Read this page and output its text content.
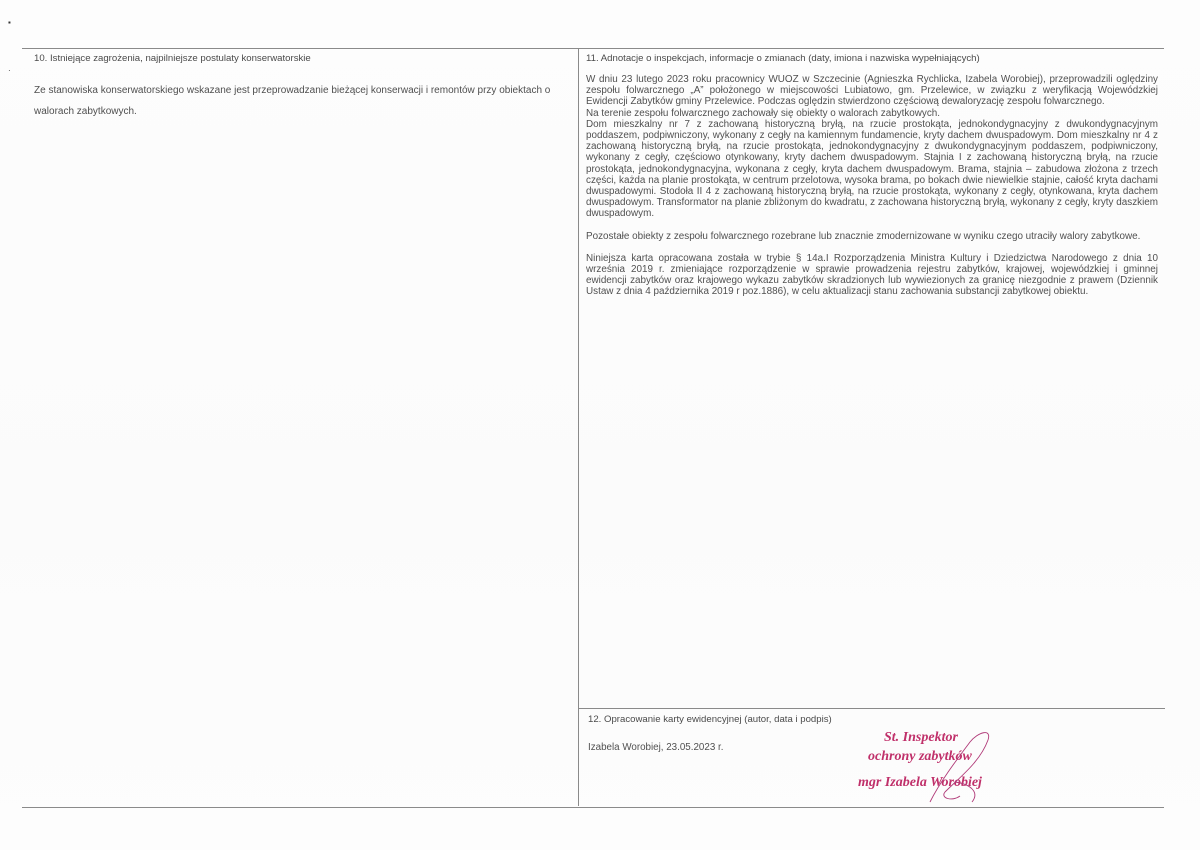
▪
·
10. Istniejące zagrożenia, najpilniejsze postulaty konserwatorskie
Ze stanowiska konserwatorskiego wskazane jest przeprowadzanie bieżącej konserwacji i remontów przy obiektach o walorach zabytkowych.
11. Adnotacje o inspekcjach, informacje o zmianach (daty, imiona i nazwiska wypełniających)

W dniu 23 lutego 2023 roku pracownicy WUOZ w Szczecinie (Agnieszka Rychlicka, Izabela Worobiej), przeprowadzili oględziny zespołu folwarcznego „A” położonego w miejscowości Lubiatowo, gm. Przelewice, w związku z weryfikacją Wojewódzkiej Ewidencji Zabytków gminy Przelewice. Podczas oględzin stwierdzono częściową dewaloryzację zespołu folwarcznego.

Na terenie zespołu folwarcznego zachowały się obiekty o walorach zabytkowych.

Dom mieszkalny nr 7 z zachowaną historyczną bryłą, na rzucie prostokąta, jednokondygnacyjny z dwukondygnacyjnym poddaszem, podpiwniczony, wykonany z cegły na kamiennym fundamencie, kryty dachem dwuspadowym. Dom mieszkalny nr 4 z zachowaną historyczną bryłą, na rzucie prostokąta, jednokondygnacyjny z dwukondygnacyjnym poddaszem, podpiwniczony, wykonany z cegły, częściowo otynkowany, kryty dachem dwuspadowym. Stajnia I z zachowaną historyczną bryłą, na rzucie prostokąta, jednokondygnacyjna, wykonana z cegły, kryta dachem dwuspadowym. Brama, stajnia – zabudowa złożona z trzech części, każda na planie prostokąta, w centrum przelotowa, wysoka brama, po bokach dwie niewielkie stajnie, całość kryta dachami dwuspadowymi. Stodoła II 4 z zachowaną historyczną bryłą, na rzucie prostokąta, wykonany z cegły, otynkowana, kryta dachem dwuspadowym. Transformator na planie zbliżonym do kwadratu, z zachowana historyczną bryłą, wykonany z cegły, kryty daszkiem dwuspadowym.

Pozostałe obiekty z zespołu folwarcznego rozebrane lub znacznie zmodernizowane w wyniku czego utraciły walory zabytkowe.

Niniejsza karta opracowana została w trybie § 14a.I Rozporządzenia Ministra Kultury i Dziedzictwa Narodowego z dnia 10 września 2019 r. zmieniające rozporządzenie w sprawie prowadzenia rejestru zabytków, krajowej, wojewódzkiej i gminnej ewidencji zabytków oraz krajowego wykazu zabytków skradzionych lub wywiezionych za granicę niezgodnie z prawem (Dziennik Ustaw z dnia 4 października 2019 r poz.1886), w celu aktualizacji stanu zachowania substancji zabytkowej obiektu.

12. Opracowanie karty ewidencyjnej (autor, data i podpis)
Izabela Worobiej, 23.05.2023 r.
St. Inspektor
ochrony zabytków
mgr Izabela Worobiej
